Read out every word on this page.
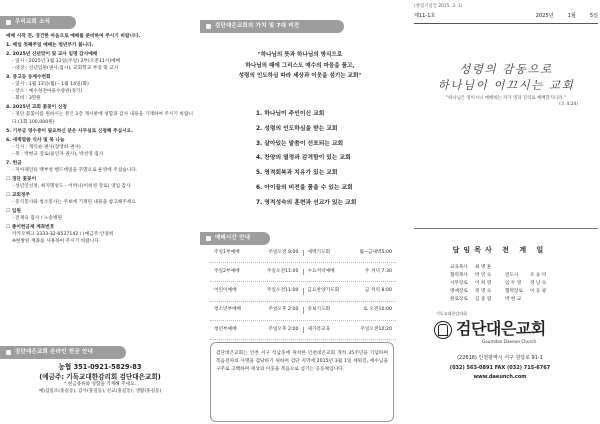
우리교회 소식
예배 시작 전, 경건한 마음으로 예배를 준비하여 주시기 바랍니다.
1. 매일 첫째주일 예배는 청년부가 봅니다.
2. 2025년 신년맞이 및 교사 임명 감사예배
- 일시 : 2025년 1월 12일(주일) 2부(오전11시)예배
- 대상 : 신년임원(권사,집사), 교회학교 부장 및 교사
3. 중고등 동계수련회
- 일시 : 1월 13일(월) - 1월 14일(화)
- 장소 : 예수성전마을수양관(경기)
- 회비 : 3만원
4. 2025년 교회 꽃꽂이 신청
- 경단 꽃꽂이를 원하시는 분은 1층 게시판에 성함과 감사 내용을 기재하여 주시기 바랍니다.(1회 100,000원)
5. 기부금 영수증이 필요하신 분은 사무실로 신청해 주십시오.
6. 새벽말씀 식사 및 목 나눔
- 식사 : 재익순 권사(장영하 권사)
- 목 : 박현교 장로(윤인자 권사), 박선영 집사
7. 헌금
- 지아제인터 백부청 핸드데일을 꾸몄으로 운영에 주셨습니다.
☐ 경단 꽃꽂이
- 성년연선정, 최지명성도 - 어머니(이희영 장로) 영입 감사
☐ 교회정주
- 중식봉사와 청소봉사는 주보에 기재된 내용을 참고해주세요
☐ 입원
- 전재숙 집사 / 노송병원
☐ 종이헌금제 계좌번호
카카오뱅크 3333-32-6537142 / (예금주:안경희
※현방된 계좌를 사용하여 주시기 바랍니다.
검단대은교회 온라인 헌금 안내
농협 351-0921-5829-83
(예금주: 기독교대한감리회 검단대은교회)
* 헌금종류와 성함을 기재해 주세요.
예)십일조(홍길동), 감사(홍길동), 선교(홍길동), 생활(홍길동)
검단대은교회의 가치 및 7대 비전
"하나님의 뜻과 하나님의 방식으로
하나님의 때에 그리스도 예수의 마음을 품고,
성령의 인도하심 따라 세상과 이웃을 섬기는 교회"
1. 하나님이 주인이신 교회
2. 성령의 인도하심을 받는 교회
3. 살아있는 말씀이 선포되는 교회
4. 찬양의 열정과 감격함이 있는 교회
5. 영적회복과 치유가 있는 교회
6. 아이들의 비전을 품을 수 있는 교회
7. 영적성숙의 훈련과 선교가 있는 교회
예배시간 안내
주일1부예배	주일오전 9:00 새벽기도회	월~금새벽5:00
주일2부예배	주일오전11:00 수요저녁예배	주 저녁 7:30
어린이예배	주일오전11:00 금요찬양기도회	금 저녁 8:00
청소년부예배	주일오후 2:00 중보기도회	토 오전10:00
청년부예배	주일오후 2:00 새가족교육	주일오전10:20
검단대은교회는 인천 서구 석남동에 위치한 인천대은교회 개척 35주년을 기념하며 복음전파의 사명을 감당하기 위하여 검단 지역에 2015년 3월 1일 세워진, 예수님을 구주로 고백하며 세상과 이웃을 복음으로 섬기는 공동체입니다.
(창립기념일 2015. 3. 1)
제11-1호	2025년	1월	5일
성령의 감동으로
하나님이 이끄시는 교회
"하나님은 영이시니 예배하는 자가 영과 진리로 예배할지니라."
(요 4:24)
담임목사 전 계 일
교육목사	최 명 훈
협력목사	박 연 숙	전도사	조 숭 미
시무장로	이 희 영	임 두 영	정 남 숙
명예장로	정 명 숙	협력장로	이 동 광
원로장로	김 중 엽	박 현 교
기독교대한감리회
검단대은교회
Goumdan Daeeun Church
(22616) 인천광역시 서구 원당로 91-1
(032) 563-0891 FAX (032) 715-6767
www.daeunch.com
